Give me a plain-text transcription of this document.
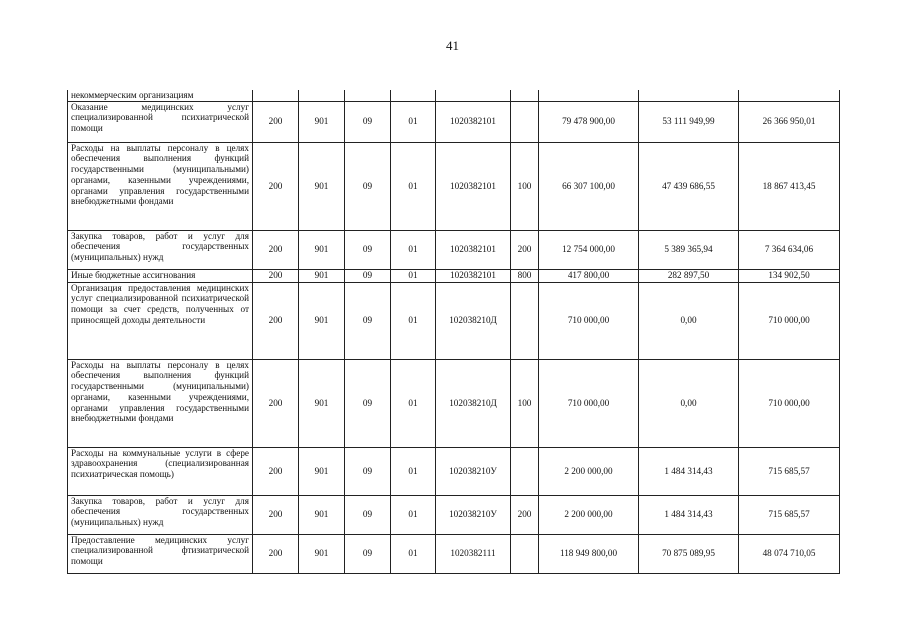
41
некоммерческим организациям									
Оказание медицинских услуг специализированной психиатрической помощи	200	901	09	01	1020382101		79 478 900,00	53 111 949,99	26 366 950,01
Расходы на выплаты персоналу в целях обеспечения выполнения функций государственными (муниципальными) органами, казенными учреждениями, органами управления государственными внебюджетными фондами	200	901	09	01	1020382101	100	66 307 100,00	47 439 686,55	18 867 413,45
Закупка товаров, работ и услуг для обеспечения государственных (муниципальных) нужд	200	901	09	01	1020382101	200	12 754 000,00	5 389 365,94	7 364 634,06
Иные бюджетные ассигнования	200	901	09	01	1020382101	800	417 800,00	282 897,50	134 902,50
Организация предоставления медицинских услуг специализированной психиатрической помощи за счет средств, полученных от приносящей доходы деятельности	200	901	09	01	102038210Д		710 000,00	0,00	710 000,00
Расходы на выплаты персоналу в целях обеспечения выполнения функций государственными (муниципальными) органами, казенными учреждениями, органами управления государственными внебюджетными фондами	200	901	09	01	102038210Д	100	710 000,00	0,00	710 000,00
Расходы на коммунальные услуги в сфере здравоохранения (специализированная психиатрическая помощь)	200	901	09	01	102038210У		2 200 000,00	1 484 314,43	715 685,57
Закупка товаров, работ и услуг для обеспечения государственных (муниципальных) нужд	200	901	09	01	102038210У	200	2 200 000,00	1 484 314,43	715 685,57
Предоставление медицинских услуг специализированной фтизиатрической помощи	200	901	09	01	1020382111		118 949 800,00	70 875 089,95	48 074 710,05
